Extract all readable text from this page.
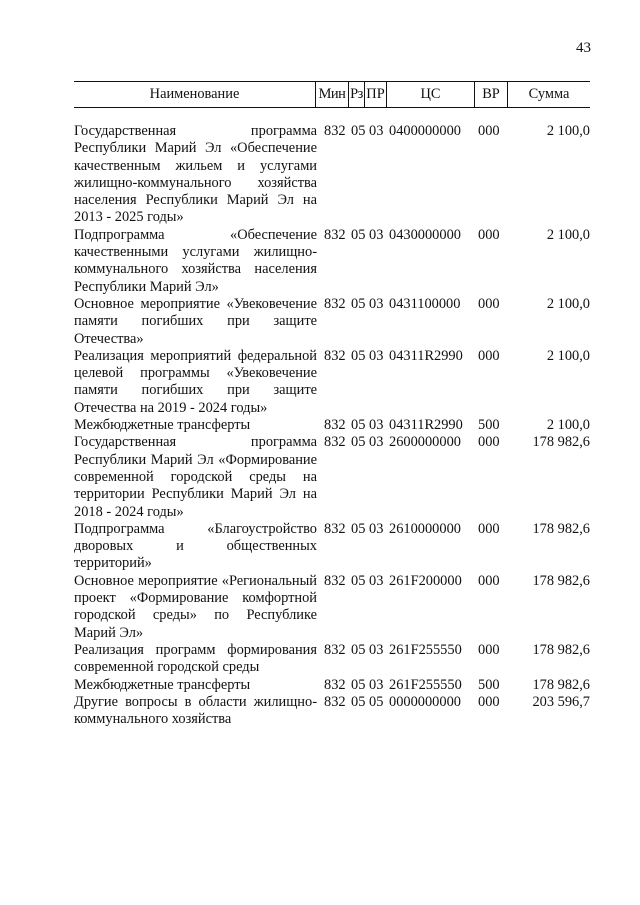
43
Наименование	Мин Рз ПР	ЦС	ВР	Сумма
Государственная программа Республики Марий Эл «Обеспечение качественным жильем и услугами жилищно-коммунального хозяйства населения Республики Марий Эл на 2013 - 2025 годы»
832 05 03 0400000000	000	2 100,0
Подпрограмма «Обеспечение качественными услугами жилищно-коммунального хозяйства населения Республики Марий Эл»
832 05 03 0430000000	000	2 100,0
Основное мероприятие «Увековечение памяти погибших при защите Отечества»
832 05 03 0431100000	000	2 100,0
Реализация мероприятий федеральной целевой программы «Увековечение памяти погибших при защите Отечества на 2019 - 2024 годы»
832 05 03 04311R2990	000	2 100,0
Межбюджетные трансферты	832 05 03 04311R2990	500	2 100,0
Государственная программа Республики Марий Эл «Формирование современной городской среды на территории Республики Марий Эл на 2018 - 2024 годы»
832 05 03 2600000000	000	178 982,6
Подпрограмма «Благоустройство дворовых и общественных территорий»
832 05 03 2610000000	000	178 982,6
Основное мероприятие «Региональный проект «Формирование комфортной городской среды» по Республике Марий Эл»
832 05 03 261F200000	000	178 982,6
Реализация программ формирования современной городской среды
832 05 03 261F255550	000	178 982,6
Межбюджетные трансферты	832 05 03 261F255550	500	178 982,6
Другие вопросы в области жилищно-коммунального хозяйства
832 05 05 0000000000	000	203 596,7
